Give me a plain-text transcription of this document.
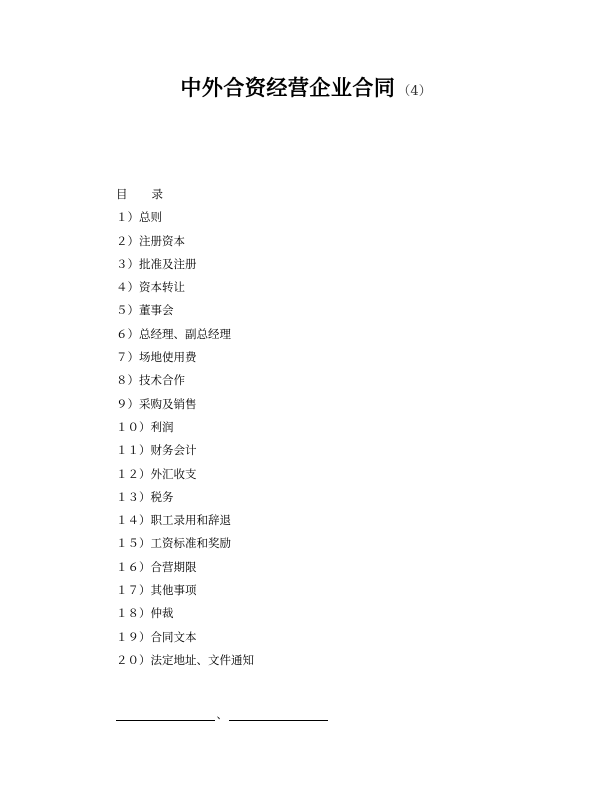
中外合资经营企业合同 （4）
目 录
１）总则
２）注册资本
３）批准及注册
４）资本转让
５）董事会
６）总经理、副总经理
７）场地使用费
８）技术合作
９）采购及销售
１０）利润
１１）财务会计
１２）外汇收支
１３）税务
１４）职工录用和辞退
１５）工资标准和奖励
１６）合营期限
１７）其他事项
１８）仲裁
１９）合同文本
２０）法定地址、文件通知
、
